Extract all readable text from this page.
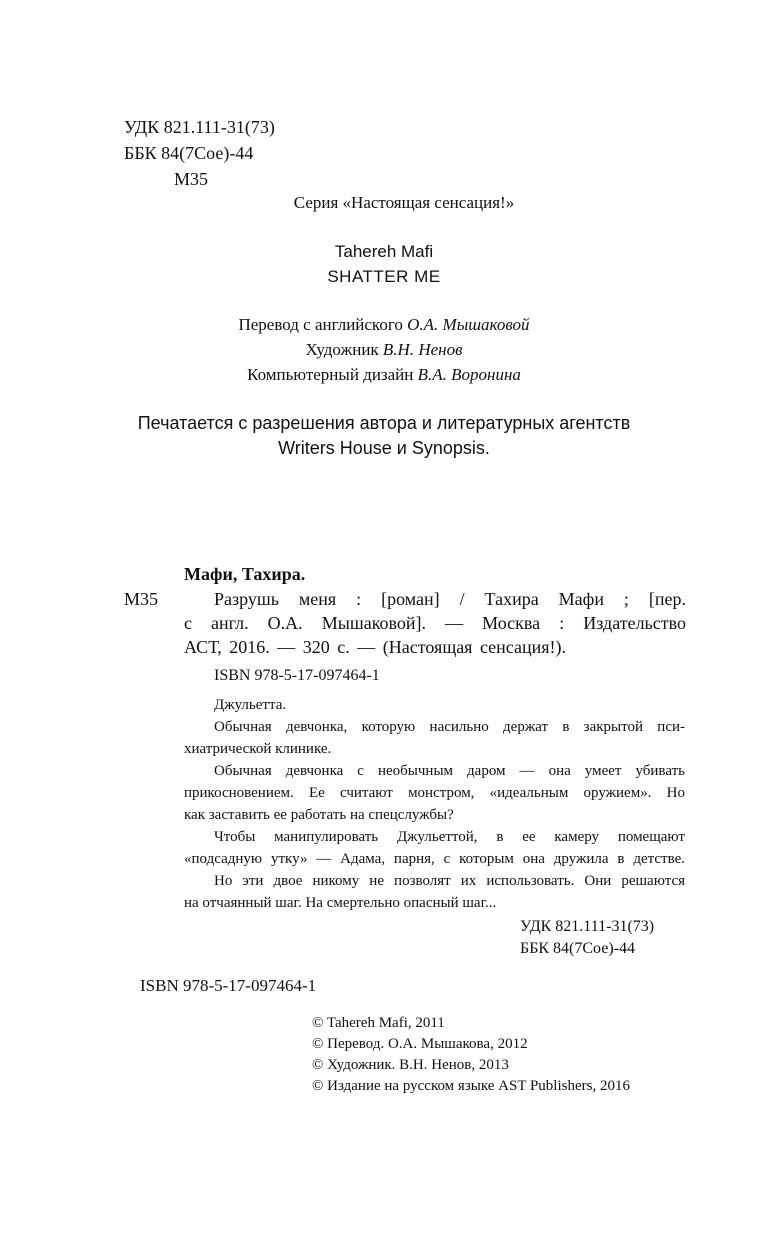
УДК 821.111-31(73)
ББК 84(7Сое)-44
М35
Серия «Настоящая сенсация!»
Tahereh Mafi
SHATTER ME
Перевод с английского О.А. Мышаковой
Художник В.Н. Ненов
Компьютерный дизайн В.А. Воронина
Печатается с разрешения автора и литературных агентств
Writers House и Synopsis.
Мафи, Тахира.
М35	Разрушь меня : [роман] / Тахира Мафи ; [пер.
с англ. О.А. Мышаковой]. — Москва : Издательство
АСТ, 2016. — 320 с. — (Настоящая сенсация!).
ISBN 978-5-17-097464-1
Джульетта.
Обычная девчонка, которую насильно держат в закрытой пси-
хиатрической клинике.
Обычная девчонка с необычным даром — она умеет убивать
прикосновением. Ее считают монстром, «идеальным оружием». Но
как заставить ее работать на спецслужбы?
Чтобы манипулировать Джульеттой, в ее камеру помещают
«подсадную утку» — Адама, парня, с которым она дружила в детстве.
Но эти двое никому не позволят их использовать. Они решаются
на отчаянный шаг. На смертельно опасный шаг...
УДК 821.111-31(73)
ББК 84(7Сое)-44
ISBN 978-5-17-097464-1
© Tahereh Mafi, 2011
© Перевод. О.А. Мышакова, 2012
© Художник. В.Н. Ненов, 2013
© Издание на русском языке AST Publishers, 2016
